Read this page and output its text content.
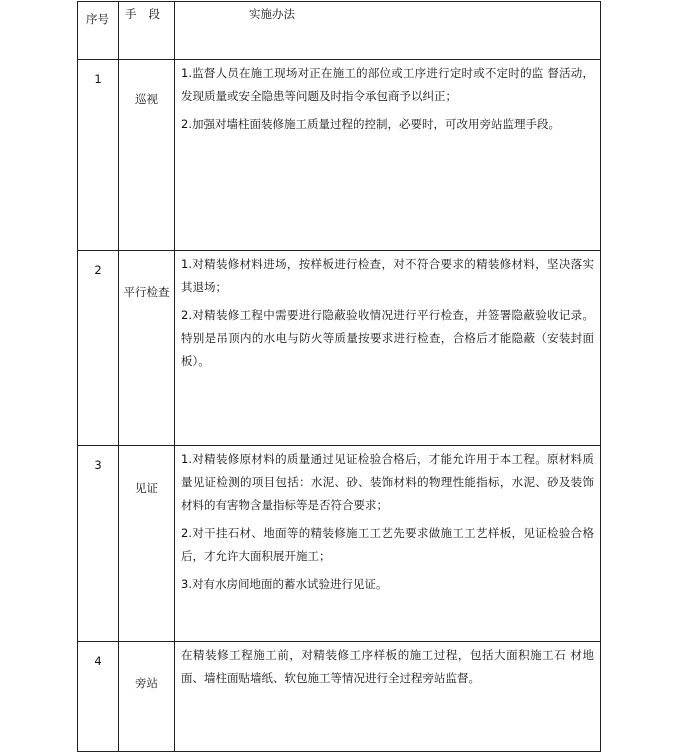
序号	手段	实施办法
1	巡视	1.监督人员在施工现场对正在施工的部位或工序进行定时或不定时的监 督活动，发现质量或安全隐患等问题及时指令承包商予以纠正；

2.加强对墙柱面装修施工质量过程的控制，必要时，可改用旁站监理手段。

2	平行检查	1.对精装修材料进场，按样板进行检查，对不符合要求的精装修材料，坚决落实其退场；

2.对精装修工程中需要进行隐蔽验收情况进行平行检查，并签署隐蔽验收记录。特别是吊顶内的水电与防火等质量按要求进行检查，合格后才能隐蔽（安装封面板）。

3	见证	1.对精装修原材料的质量通过见证检验合格后，才能允许用于本工程。原材料质量见证检测的项目包括：水泥、砂、装饰材料的物理性能指标，水泥、砂及装饰材料的有害物含量指标等是否符合要求；

2.对干挂石材、地面等的精装修施工工艺先要求做施工工艺样板，见证检验合格后，才允许大面积展开施工；

3.对有水房间地面的蓄水试验进行见证。

4	旁站	在精装修工程施工前，对精装修工序样板的施工过程，包括大面积施工石 材地面、墙柱面贴墙纸、软包施工等情况进行全过程旁站监督。
